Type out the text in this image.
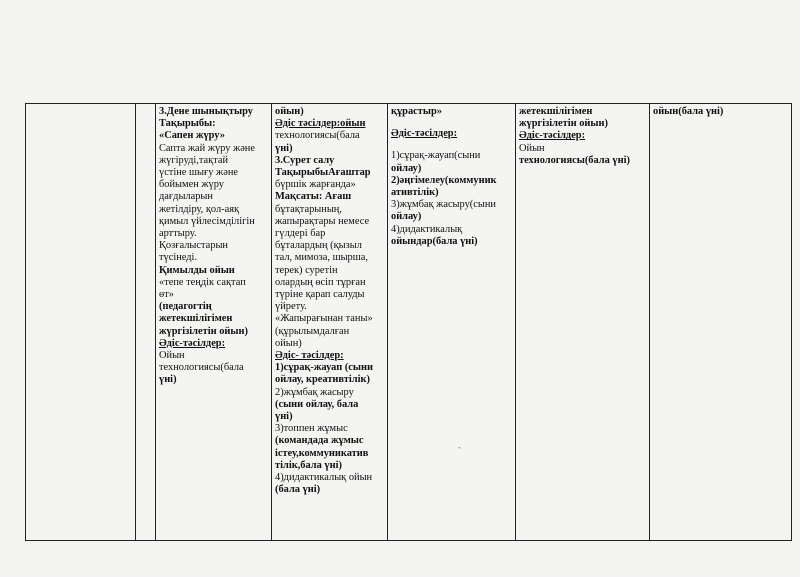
3.Дене шынықтыру
Тақырыбы:
«Сапен жүру»
Сапта жай жүру және
жүгіруді,тақтай
үстіне шығу және
бойымен жүру
дағдыларын
жетілдіру, қол-аяқ
қимыл үйлесімділігін
арттыру.
Қозғалыстарын
түсінеді.
Қимылды ойын
«тепе теңдік сақтап
өт»
(педагогтің
жетекшілігімен
жүргізілетін ойын)
Әдіс-тәсілдер:
Ойын
технологиясы(бала
үні)

ойын)
Әдіс тәсілдер:ойын
технологиясы(бала
үні)
3.Сурет салу
ТақырыбыАғаштар
бүршік жарғанда»
Мақсаты: Ағаш
бұтақтарының,
жапырақтары немесе
гүлдері бар
бұталардың (қызыл
тал, мимоза, шырша,
терек) суретін
олардың өсіп тұрған
түріне қарап салуды
үйрету.
«Жапырағынан таны»
(құрылымдалған
ойын)
Әдіс- тәсілдер:
1)сұрақ-жауап (сыни
ойлау, креативтілік)
2)жұмбақ жасыру
(сыни ойлау, бала
үні)
3)топпен жұмыс
(командада жұмыс
істеу,коммуникатив
тілік,бала үні)
4)дидактикалық ойын
(бала үні)

құрастыр»
Әдіс-тәсілдер:
1)сұрақ-жауап(сыни
ойлау)
2)әңгімелеу(коммуник
ативтілік)
3)жұмбақ жасыру(сыни
ойлау)
4)дидактикалық
ойындар(бала үні)

жетекшілігімен
жүргізілетін ойын)
Әдіс-тәсілдер:
Ойын
технологиясы(бала үні)

ойын(бала үні)
ˆ
